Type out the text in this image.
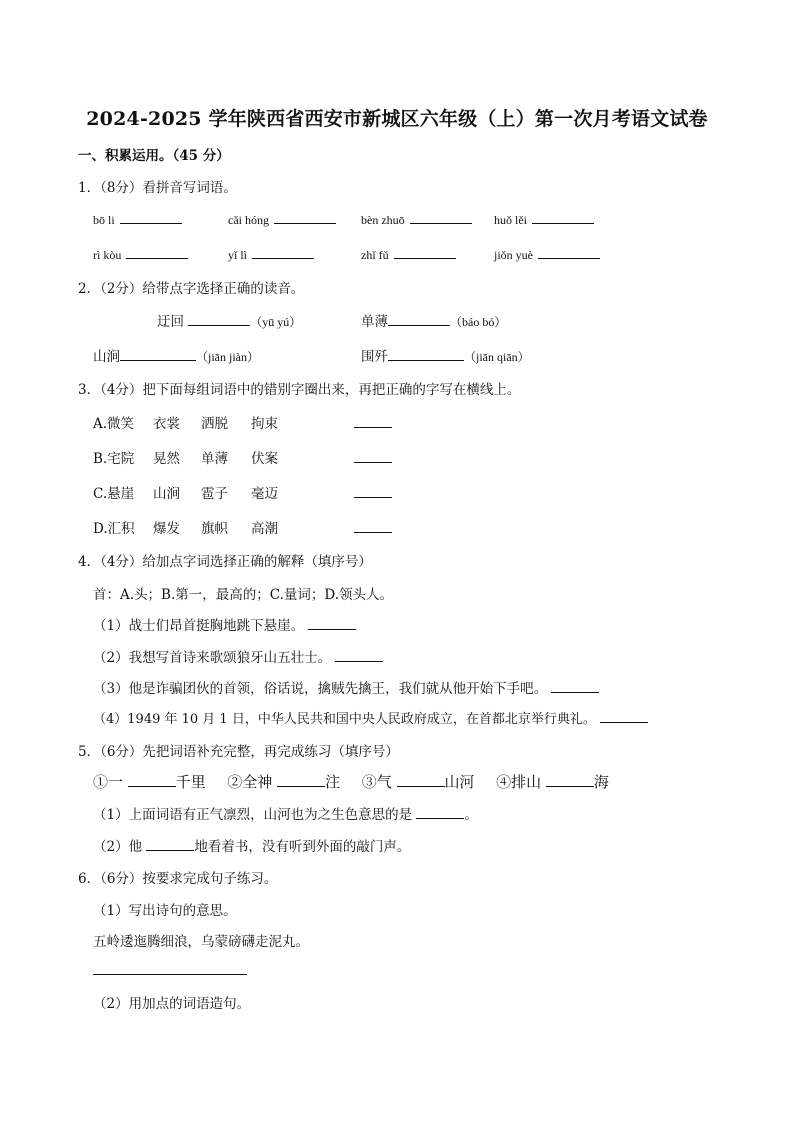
2024-2025 学年陕西省西安市新城区六年级（上）第一次月考语文试卷
一、积累运用。（45 分）
1．（8分）看拼音写词语。
bō li	cǎi hóng	bèn zhuō	huǒ lěi
rì kòu	yǐ lì	zhǐ fǔ	jiǒn yuè
2．（2分）给带点字选择正确的读音。
迂回	（yū yú）	单薄	（báo bó）
山涧	（jiān jiàn）	围歼	（jiān qiān）
3．（4分）把下面每组词语中的错别字圈出来，再把正确的字写在横线上。
A.微笑 衣裳 洒脱 拘束
B.宅院 晃然 单薄 伏案
C.悬崖 山涧 雹子 毫迈
D.汇积 爆发 旗帜 高潮
4．（4分）给加点字词选择正确的解释（填序号）
首：A.头；B.第一，最高的；C.量词；D.领头人。
（1）战士们昂首挺胸地跳下悬崖。
（2）我想写首诗来歌颂狼牙山五壮士。
（3）他是诈骗团伙的首领，俗话说，擒贼先擒王，我们就从他开始下手吧。
（4）1949 年 10 月 1 日，中华人民共和国中央人民政府成立，在首都北京举行典礼。
5．（6分）先把词语补充完整，再完成练习（填序号）
①一	千里 ②全神	注 ③气	山河 ④排山	海
（1）上面词语有正气凛烈，山河也为之生色意思的是	。
（2）他	地看着书，没有听到外面的敲门声。
6．（6分）按要求完成句子练习。
（1）写出诗句的意思。
五岭逶迤腾细浪，乌蒙磅礴走泥丸。
（2）用加点的词语造句。
